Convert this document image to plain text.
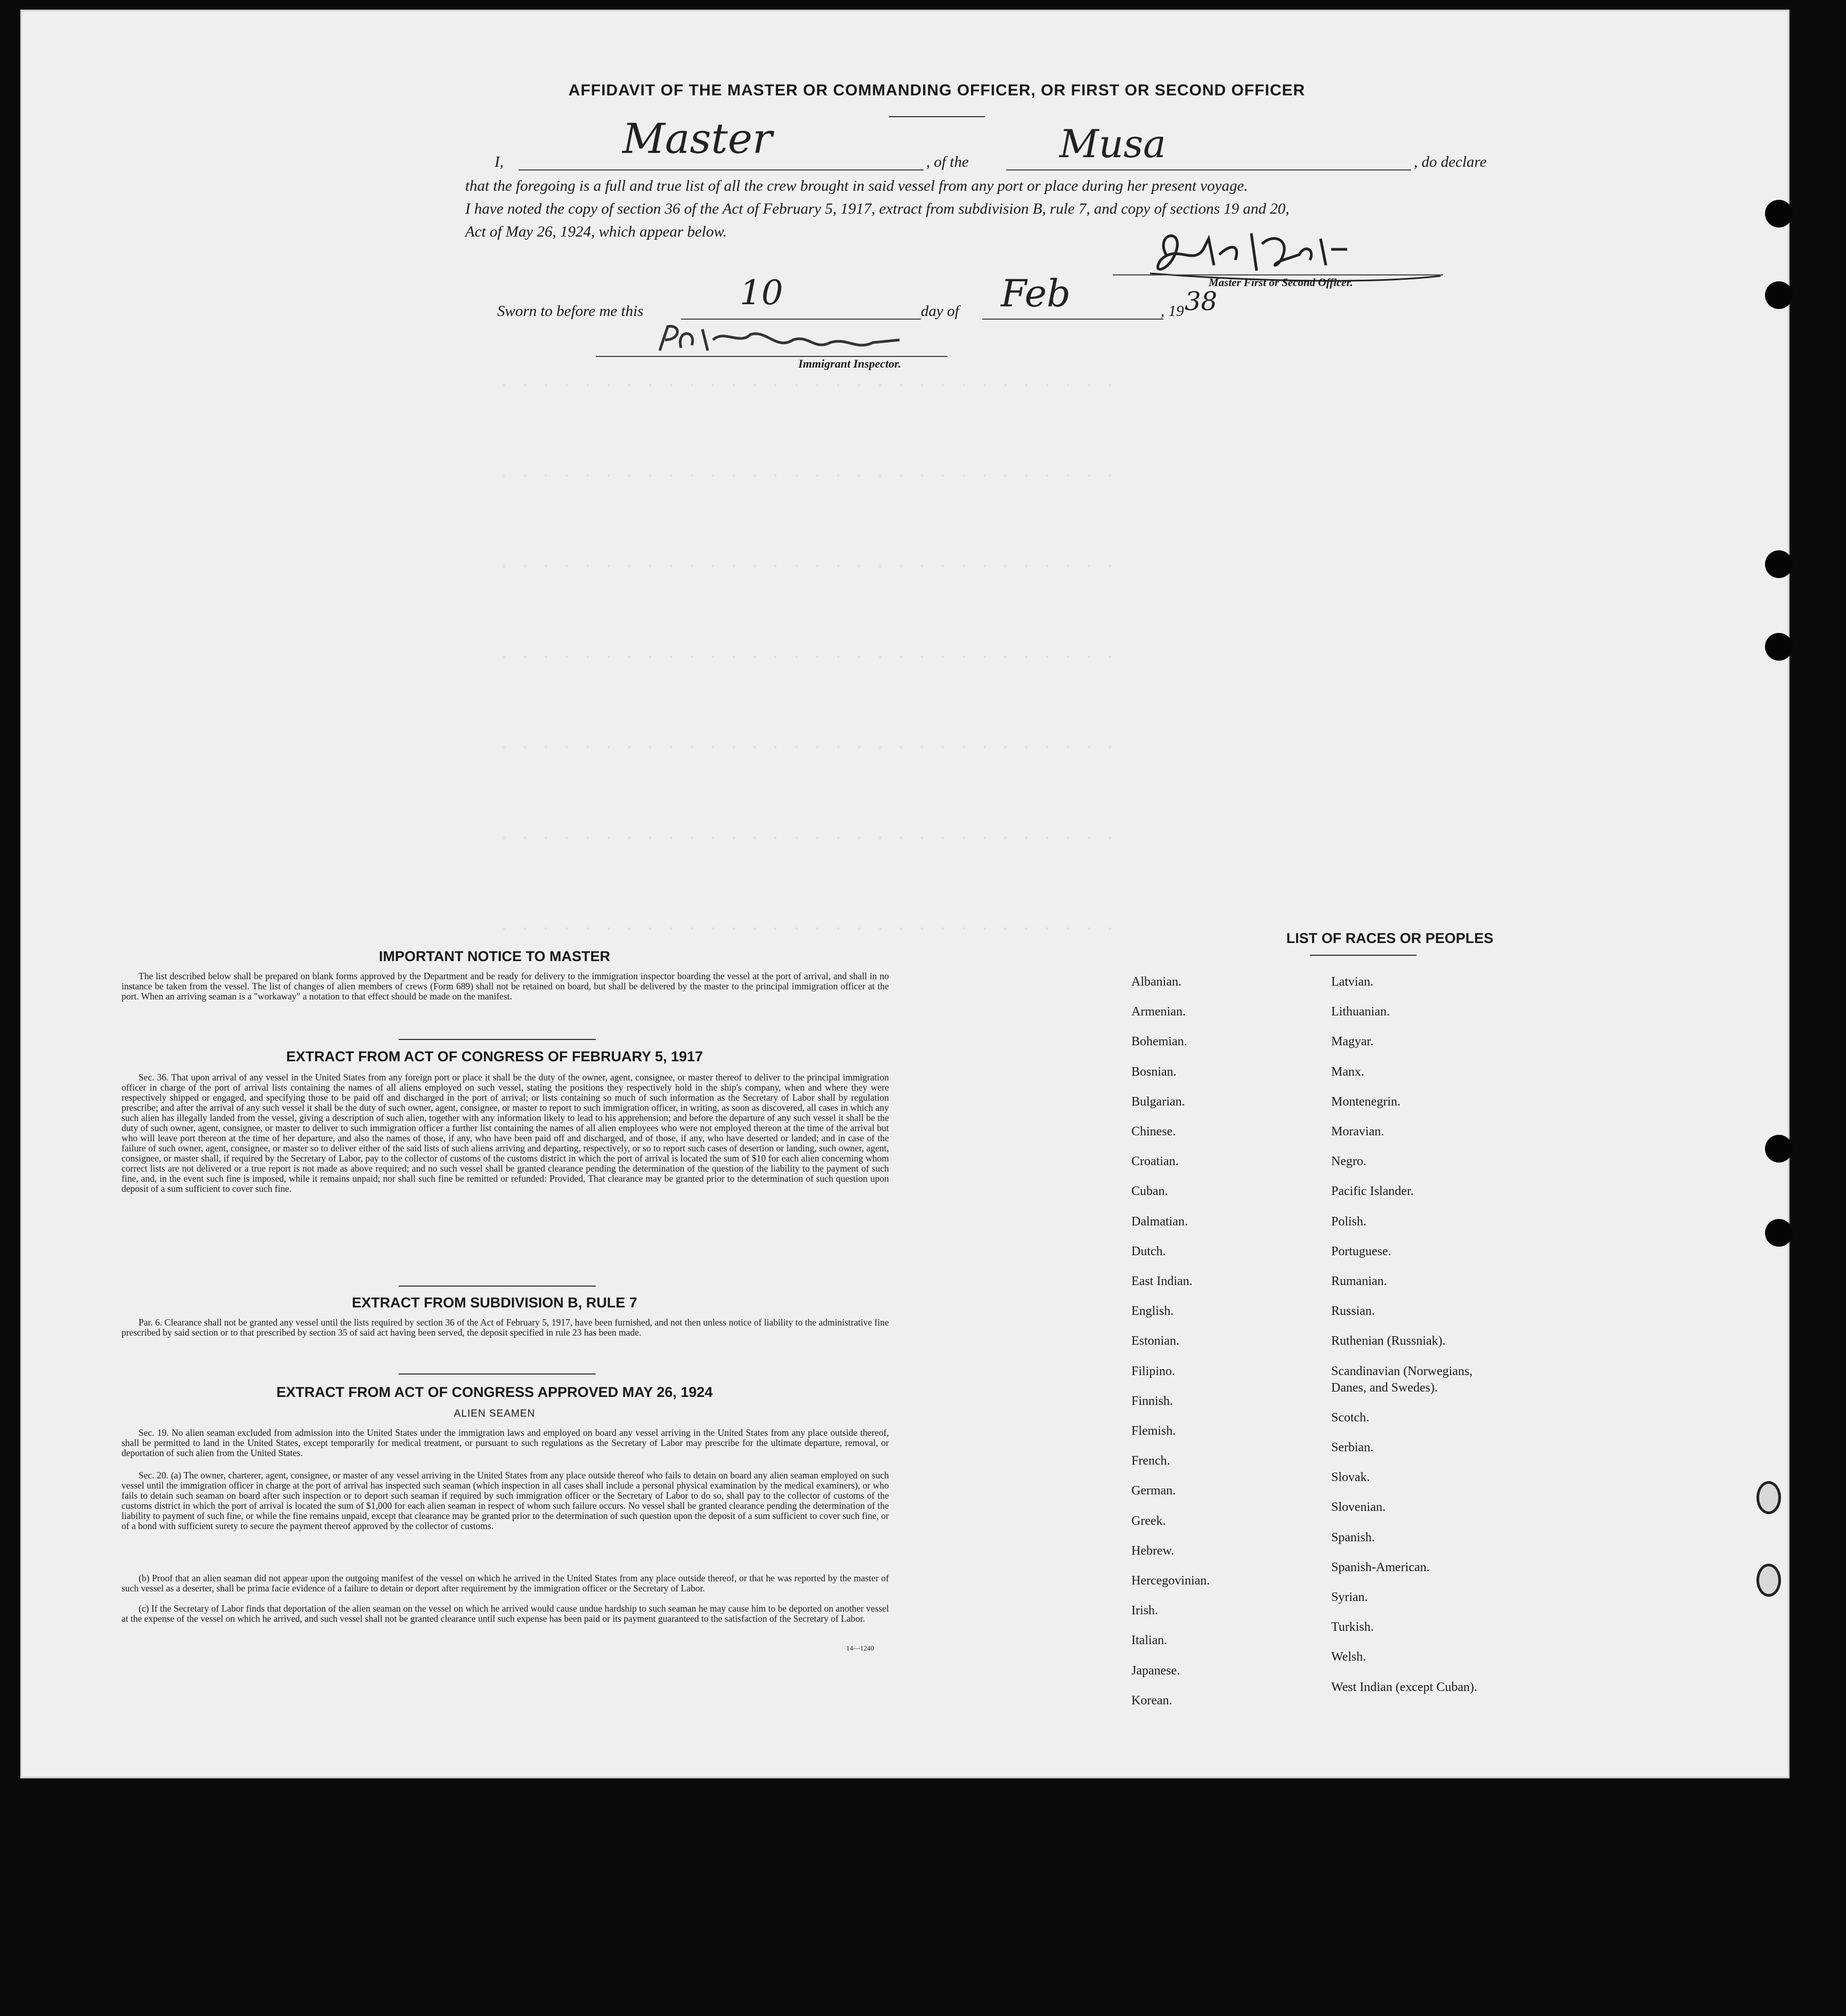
· · · · · · · · · · · · · · · · · · · · · · · · · · · · · ·
· · · · · · · · · · · · · · · · · · · · · · · · · · · · · ·
· · · · · · · · · · · · · · · · · · · · · · · · · · · · · ·
· · · · · · · · · · · · · · · · · · · · · · · · · · · · · ·
· · · · · · · · · · · · · · · · · · · · · · · · · · · · · ·
· · · · · · · · · · · · · · · · · · · · · · · · · · · · · ·
· · · · · · · · · · · · · · · · · · · · · · · · · · · · · ·
AFFIDAVIT OF THE MASTER OR COMMANDING OFFICER, OR FIRST OR SECOND OFFICER
I,	Master	, of the Musa	, do declare
that the foregoing is a full and true list of all the crew brought in said vessel from any port or place during her present voyage.
I have noted the copy of section 36 of the Act of February 5, 1917, extract from subdivision B, rule 7, and copy of sections 19 and 20,
Act of May 26, 1924, which appear below.
Master First or Second Officer.
Sworn to before me this	10	day of Feb	, 19 38
Immigrant Inspector.
IMPORTANT NOTICE TO MASTER
The list described below shall be prepared on blank forms approved by the Department and be ready for delivery to the immigration inspector boarding the vessel at the port of arrival, and shall in no instance be taken from the vessel. The list of changes of alien members of crews (Form 689) shall not be retained on board, but shall be delivered by the master to the principal immigration officer at the port. When an arriving seaman is a "workaway" a notation to that effect should be made on the manifest.
EXTRACT FROM ACT OF CONGRESS OF FEBRUARY 5, 1917
Sec. 36. That upon arrival of any vessel in the United States from any foreign port or place it shall be the duty of the owner, agent, consignee, or master thereof to deliver to the principal immigration officer in charge of the port of arrival lists containing the names of all aliens employed on such vessel, stating the positions they respectively hold in the ship's company, when and where they were respectively shipped or engaged, and specifying those to be paid off and discharged in the port of arrival; or lists containing so much of such information as the Secretary of Labor shall by regulation prescribe; and after the arrival of any such vessel it shall be the duty of such owner, agent, consignee, or master to report to such immigration officer, in writing, as soon as discovered, all cases in which any such alien has illegally landed from the vessel, giving a description of such alien, together with any information likely to lead to his apprehension; and before the departure of any such vessel it shall be the duty of such owner, agent, consignee, or master to deliver to such immigration officer a further list containing the names of all alien employees who were not employed thereon at the time of the arrival but who will leave port thereon at the time of her departure, and also the names of those, if any, who have been paid off and discharged, and of those, if any, who have deserted or landed; and in case of the failure of such owner, agent, consignee, or master so to deliver either of the said lists of such aliens arriving and departing, respectively, or so to report such cases of desertion or landing, such owner, agent, consignee, or master shall, if required by the Secretary of Labor, pay to the collector of customs of the customs district in which the port of arrival is located the sum of $10 for each alien concerning whom correct lists are not delivered or a true report is not made as above required; and no such vessel shall be granted clearance pending the determination of the question of the liability to the payment of such fine, and, in the event such fine is imposed, while it remains unpaid; nor shall such fine be remitted or refunded: Provided, That clearance may be granted prior to the determination of such question upon deposit of a sum sufficient to cover such fine.
EXTRACT FROM SUBDIVISION B, RULE 7
Par. 6. Clearance shall not be granted any vessel until the lists required by section 36 of the Act of February 5, 1917, have been furnished, and not then unless notice of liability to the administrative fine prescribed by said section or to that prescribed by section 35 of said act having been served, the deposit specified in rule 23 has been made.
EXTRACT FROM ACT OF CONGRESS APPROVED MAY 26, 1924
ALIEN SEAMEN
Sec. 19. No alien seaman excluded from admission into the United States under the immigration laws and employed on board any vessel arriving in the United States from any place outside thereof, shall be permitted to land in the United States, except temporarily for medical treatment, or pursuant to such regulations as the Secretary of Labor may prescribe for the ultimate departure, removal, or deportation of such alien from the United States.
Sec. 20. (a) The owner, charterer, agent, consignee, or master of any vessel arriving in the United States from any place outside thereof who fails to detain on board any alien seaman employed on such vessel until the immigration officer in charge at the port of arrival has inspected such seaman (which inspection in all cases shall include a personal physical examination by the medical examiners), or who fails to detain such seaman on board after such inspection or to deport such seaman if required by such immigration officer or the Secretary of Labor to do so, shall pay to the collector of customs of the customs district in which the port of arrival is located the sum of $1,000 for each alien seaman in respect of whom such failure occurs. No vessel shall be granted clearance pending the determination of the liability to payment of such fine, or while the fine remains unpaid, except that clearance may be granted prior to the determination of such question upon the deposit of a sum sufficient to cover such fine, or of a bond with sufficient surety to secure the payment thereof approved by the collector of customs.
(b) Proof that an alien seaman did not appear upon the outgoing manifest of the vessel on which he arrived in the United States from any place outside thereof, or that he was reported by the master of such vessel as a deserter, shall be prima facie evidence of a failure to detain or deport after requirement by the immigration officer or the Secretary of Labor.
(c) If the Secretary of Labor finds that deportation of the alien seaman on the vessel on which he arrived would cause undue hardship to such seaman he may cause him to be deported on another vessel at the expense of the vessel on which he arrived, and such vessel shall not be granted clearance until such expense has been paid or its payment guaranteed to the satisfaction of the Secretary of Labor.
14—1240
LIST OF RACES OR PEOPLES
Albanian.
Armenian.
Bohemian.
Bosnian.
Bulgarian.
Chinese.
Croatian.
Cuban.
Dalmatian.
Dutch.
East Indian.
English.
Estonian.
Filipino.
Finnish.
Flemish.
French.
German.
Greek.
Hebrew.
Hercegovinian.
Irish.
Italian.
Japanese.
Korean.
Latvian.
Lithuanian.
Magyar.
Manx.
Montenegrin.
Moravian.
Negro.
Pacific Islander.
Polish.
Portuguese.
Rumanian.
Russian.
Ruthenian (Russniak).
Scandinavian (Norwegians,
Danes, and Swedes).
Scotch.
Serbian.
Slovak.
Slovenian.
Spanish.
Spanish-American.
Syrian.
Turkish.
Welsh.
West Indian (except Cuban).
